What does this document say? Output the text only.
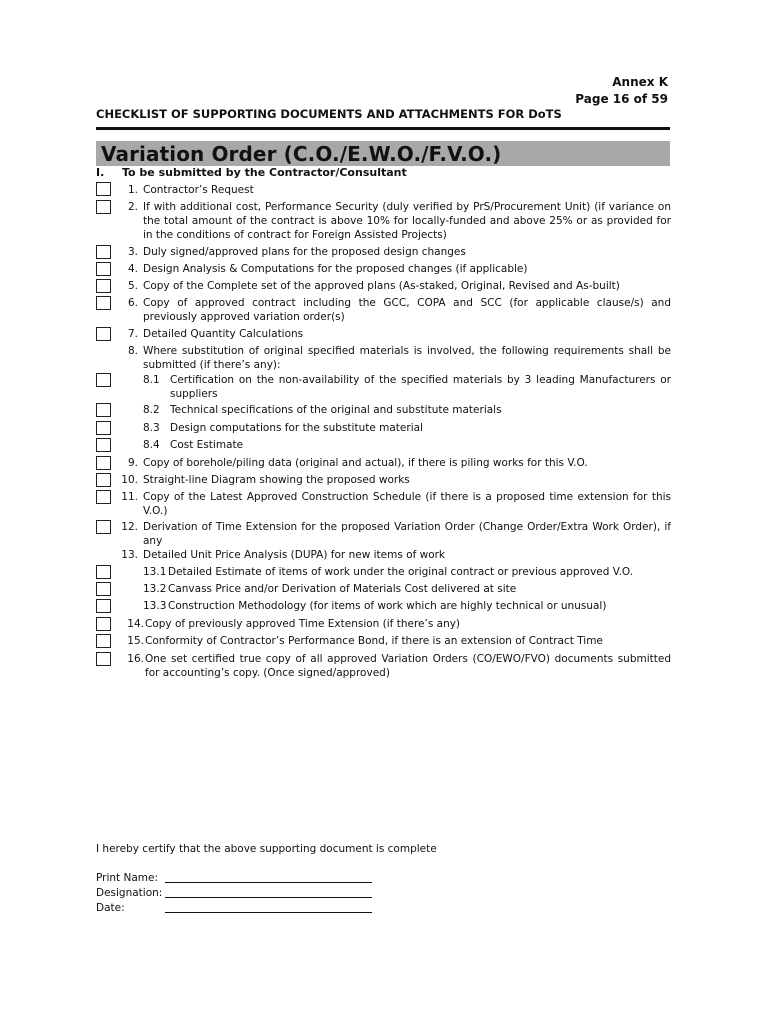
Annex K
Page 16 of 59
CHECKLIST OF SUPPORTING DOCUMENTS AND ATTACHMENTS FOR DoTS
Variation Order (C.O./E.W.O./F.V.O.)
I. To be submitted by the Contractor/Consultant
1. Contractor’s Request
2. If with additional cost, Performance Security (duly verified by PrS/Procurement Unit) (if variance on the total amount of the contract is above 10% for locally-funded and above 25% or as provided for in the conditions of contract for Foreign Assisted Projects)
3. Duly signed/approved plans for the proposed design changes
4. Design Analysis & Computations for the proposed changes (if applicable)
5. Copy of the Complete set of the approved plans (As-staked, Original, Revised and As-built)
6. Copy of approved contract including the GCC, COPA and SCC (for applicable clause/s) and previously approved variation order(s)
7. Detailed Quantity Calculations
8. Where substitution of original specified materials is involved, the following requirements shall be submitted (if there’s any):
8.1 Certification on the non-availability of the specified materials by 3 leading Manufacturers or suppliers
8.2 Technical specifications of the original and substitute materials
8.3 Design computations for the substitute material
8.4 Cost Estimate
9. Copy of borehole/piling data (original and actual), if there is piling works for this V.O.
10. Straight-line Diagram showing the proposed works
11. Copy of the Latest Approved Construction Schedule (if there is a proposed time extension for this V.O.)
12. Derivation of Time Extension for the proposed Variation Order (Change Order/Extra Work Order), if any
13. Detailed Unit Price Analysis (DUPA) for new items of work
13.1 Detailed Estimate of items of work under the original contract or previous approved V.O.
13.2 Canvass Price and/or Derivation of Materials Cost delivered at site
13.3 Construction Methodology (for items of work which are highly technical or unusual)
14. Copy of previously approved Time Extension (if there’s any)
15. Conformity of Contractor’s Performance Bond, if there is an extension of Contract Time
16. One set certified true copy of all approved Variation Orders (CO/EWO/FVO) documents submitted for accounting’s copy. (Once signed/approved)
I hereby certify that the above supporting document is complete
Print Name:
Designation:
Date:
